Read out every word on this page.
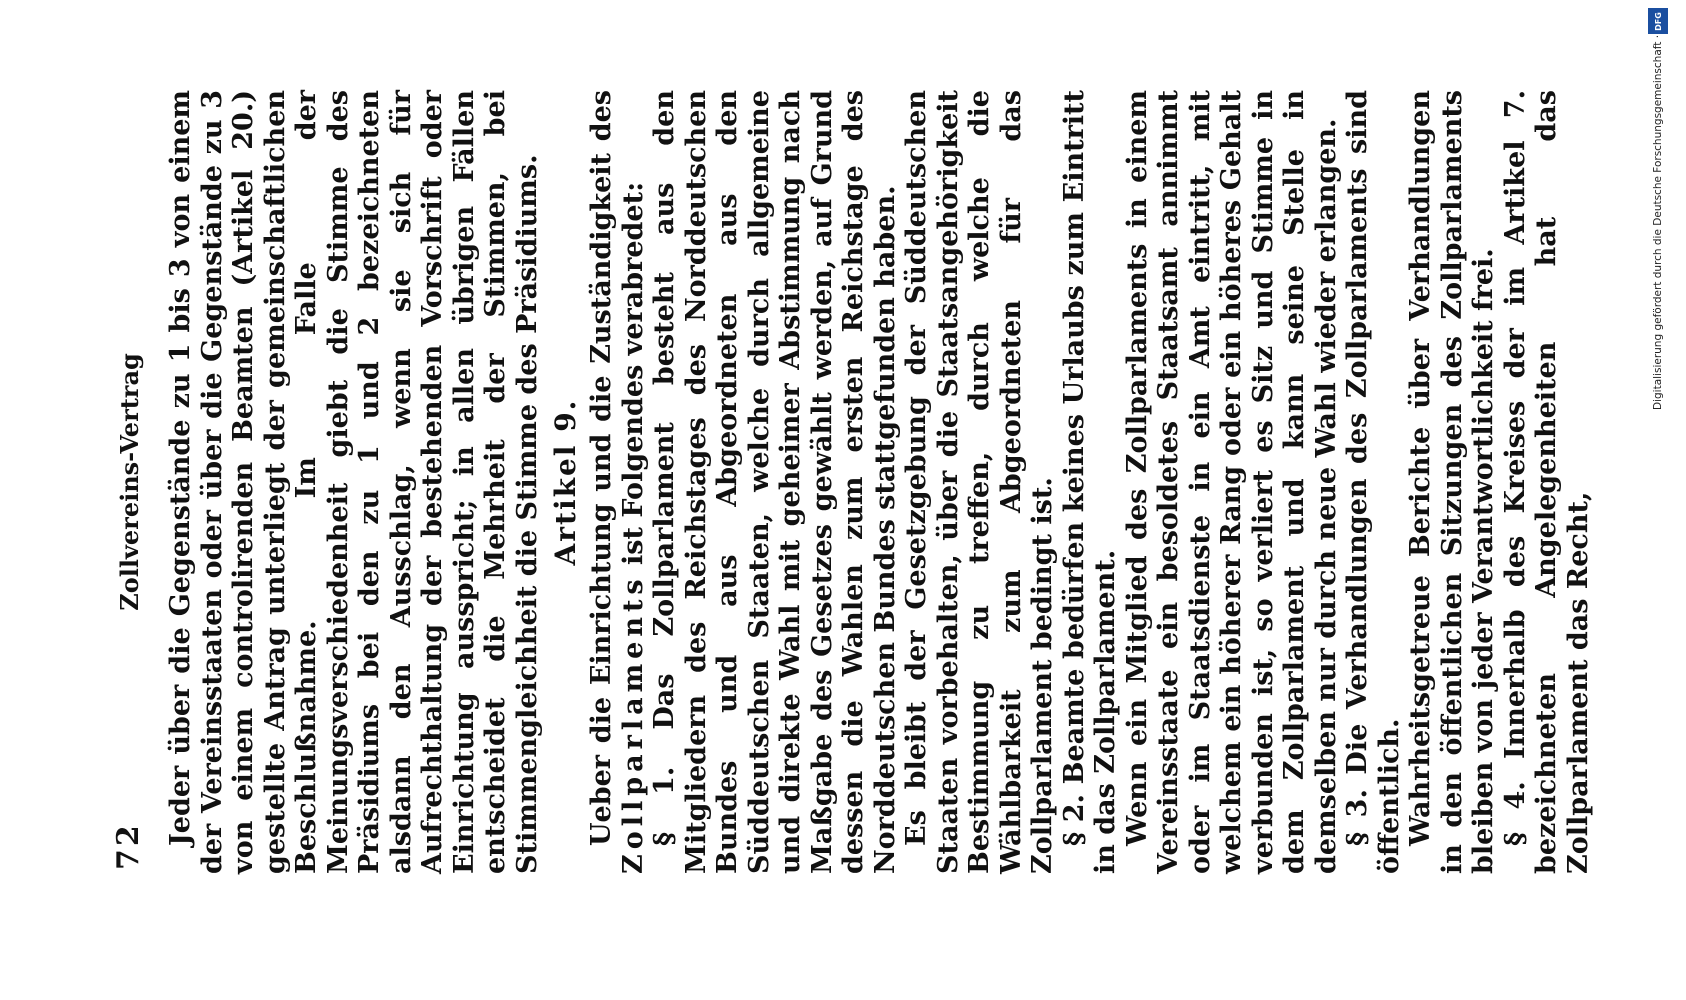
72
Zollvereins-Vertrag Jeder über die Gegenstände zu 1 bis 3 von einem der Vereinsstaaten oder über die Gegenstände zu 3 von einem controlirenden Beamten (Artikel 20.) gestellte Antrag unterliegt der gemeinschaftlichen Beschlußnahme. Im Falle der Meinungsverschiedenheit giebt die Stimme des Präsidiums bei den zu 1 und 2 bezeichneten alsdann den Ausschlag, wenn sie sich für Aufrechthaltung der bestehenden Vorschrift oder Einrichtung ausspricht; in allen übrigen Fällen entscheidet die Mehrheit der Stimmen, bei Stimmengleichheit die Stimme des Präsidiums. Artikel 9. Ueber die Einrichtung und die Zuständigkeit des Zollparlaments ist Folgendes verabredet: § 1. Das Zollparlament besteht aus den Mitgliedern des Reichstages des Norddeutschen Bundes und aus Abgeordneten aus den Süddeutschen Staaten, welche durch allgemeine und direkte Wahl mit geheimer Abstimmung nach Maßgabe des Gesetzes gewählt werden, auf Grund dessen die Wahlen zum ersten Reichstage des Norddeutschen Bundes stattgefunden haben. Es bleibt der Gesetzgebung der Süddeutschen Staaten vorbehalten, über die Staatsangehörigkeit Bestimmung zu treffen, durch welche die Wählbarkeit zum Abgeordneten für das Zollparlament bedingt ist. § 2. Beamte bedürfen keines Urlaubs zum Eintritt in das Zollparlament. Wenn ein Mitglied des Zollparlaments in einem Vereinsstaate ein besoldetes Staatsamt annimmt oder im Staatsdienste in ein Amt eintritt, mit welchem ein höherer Rang oder ein höheres Gehalt verbunden ist, so verliert es Sitz und Stimme in dem Zollparlament und kann seine Stelle in demselben nur durch neue Wahl wieder erlangen. § 3. Die Verhandlungen des Zollparlaments sind öffentlich. Wahrheitsgetreue Berichte über Verhandlungen in den öffentlichen Sitzungen des Zollparlaments bleiben von jeder Verantwortlichkeit frei. § 4. Innerhalb des Kreises der im Artikel 7. bezeichneten Angelegenheiten hat das Zollparlament das Recht,

DFG
Digitalisierung gefördert durch die Deutsche Forschungsgemeinschaft ·
